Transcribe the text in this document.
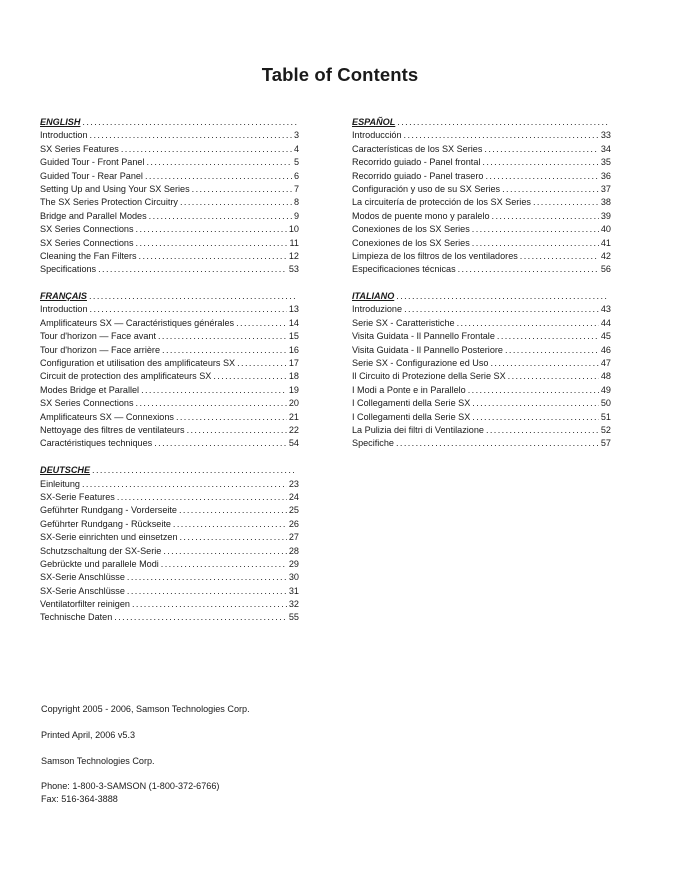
Table of Contents
ENGLISH
.....
Introduction .....	3
SX Series Features .....	4
Guided Tour - Front Panel .....	5
Guided Tour - Rear Panel .....	6
Setting Up and Using Your SX Series .....	7
The SX Series Protection Circuitry .....	8
Bridge and Parallel Modes .....	9
SX Series Connections .....	10
SX Series Connections .....	11
Cleaning the Fan Filters .....	12
Specifications .....	53
FRANÇAIS
.....
Introduction .....	13
Amplificateurs SX — Caractéristiques générales .....	14
Tour d'horizon — Face avant .....	15
Tour d'horizon — Face arrière .....	16
Configuration et utilisation des amplificateurs SX .....	17
Circuit de protection des amplificateurs SX .....	18
Modes Bridge et Parallel .....	19
SX Series Connections .....	20
Amplificateurs SX — Connexions .....	21
Nettoyage des filtres de ventilateurs .....	22
Caractéristiques techniques .....	54
DEUTSCHE
.....
Einleitung .....	23
SX-Serie Features .....	24
Geführter Rundgang - Vorderseite .....	25
Geführter Rundgang - Rückseite .....	26
SX-Serie einrichten und einsetzen .....	27
Schutzschaltung der SX-Serie .....	28
Gebrückte und parallele Modi .....	29
SX-Serie Anschlüsse .....	30
SX-Serie Anschlüsse .....	31
Ventilatorfilter reinigen .....	32
Technische Daten .....	55
ESPAÑOL
.....
Introducción .....	33
Características de los SX Series .....	34
Recorrido guiado - Panel frontal .....	35
Recorrido guiado - Panel trasero .....	36
Configuración y uso de su SX Series .....	37
La circuitería de protección de los SX Series .....	38
Modos de puente mono y paralelo .....	39
Conexiones de los SX Series .....	40
Conexiones de los SX Series .....	41
Limpieza de los filtros de los ventiladores .....	42
Especificaciones técnicas .....	56
ITALIANO
.....
Introduzione .....	43
Serie SX - Caratteristiche .....	44
Visita Guidata - Il Pannello Frontale .....	45
Visita Guidata - Il Pannello Posteriore .....	46
Serie SX - Configurazione ed Uso .....	47
Il Circuito di Protezione della Serie SX .....	48
I Modi a Ponte e in Parallelo .....	49
I Collegamenti della Serie SX .....	50
I Collegamenti della Serie SX .....	51
La Pulizia dei filtri di Ventilazione .....	52
Specifiche .....	57

Copyright 2005 - 2006, Samson Technologies Corp.

Printed April, 2006 v5.3

Samson Technologies Corp.

Phone: 1-800-3-SAMSON (1-800-372-6766)

Fax: 516-364-3888
